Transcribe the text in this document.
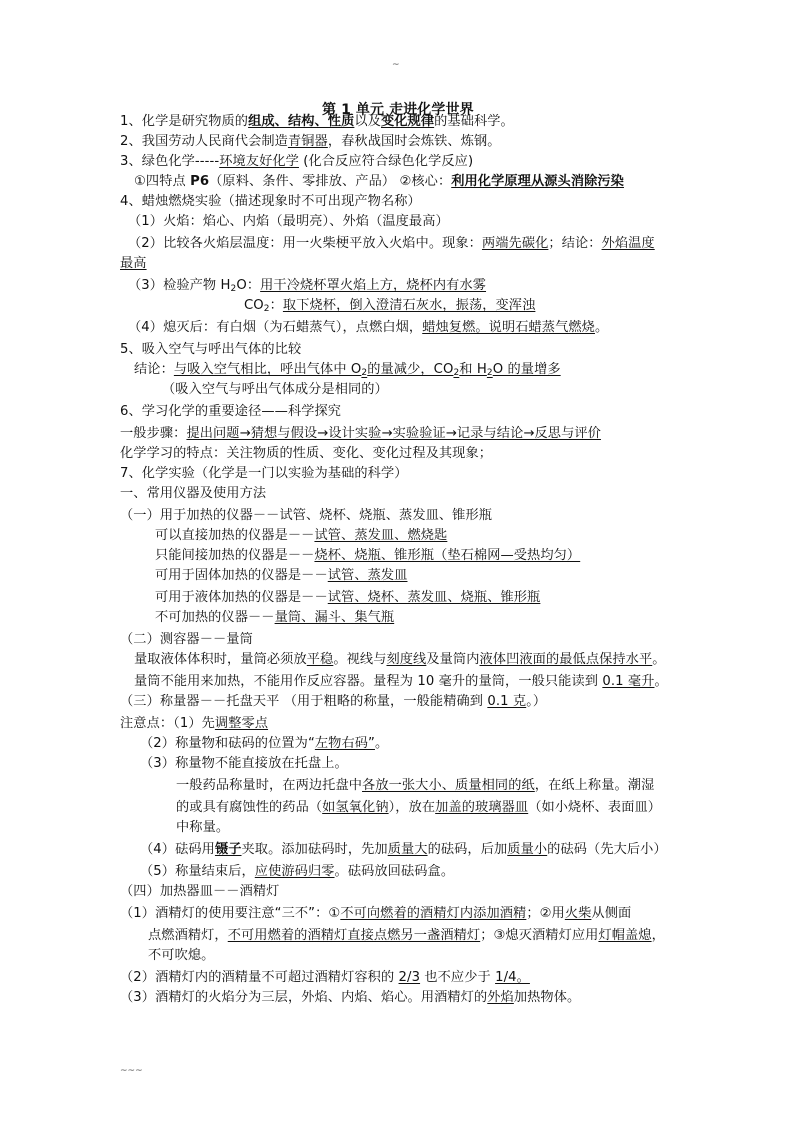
~
第 1 单元 走进化学世界
1、化学是研究物质的组成、结构、性质以及变化规律的基础科学。
2、我国劳动人民商代会制造青铜器，春秋战国时会炼铁、炼钢。
3、绿色化学-----环境友好化学 (化合反应符合绿色化学反应)
①四特点 P6（原料、条件、零排放、产品） ②核心：利用化学原理从源头消除污染
4、蜡烛燃烧实验（描述现象时不可出现产物名称）
（1）火焰：焰心、内焰（最明亮）、外焰（温度最高）
（2）比较各火焰层温度：用一火柴梗平放入火焰中。现象：两端先碳化；结论：外焰温度
最高
（3）检验产物 H2O：用干冷烧杯罩火焰上方，烧杯内有水雾
CO2：取下烧杯，倒入澄清石灰水，振荡，变浑浊
（4）熄灭后：有白烟（为石蜡蒸气），点燃白烟，蜡烛复燃。说明石蜡蒸气燃烧。
5、吸入空气与呼出气体的比较
结论：与吸入空气相比，呼出气体中 O2的量减少，CO2和 H2O 的量增多
（吸入空气与呼出气体成分是相同的）
6、学习化学的重要途径——科学探究
一般步骤：提出问题→猜想与假设→设计实验→实验验证→记录与结论→反思与评价
化学学习的特点：关注物质的性质、变化、变化过程及其现象；
7、化学实验（化学是一门以实验为基础的科学）
一、常用仪器及使用方法
（一）用于加热的仪器－－试管、烧杯、烧瓶、蒸发皿、锥形瓶
可以直接加热的仪器是－－试管、蒸发皿、燃烧匙
只能间接加热的仪器是－－烧杯、烧瓶、锥形瓶（垫石棉网—受热均匀）
可用于固体加热的仪器是－－试管、蒸发皿
可用于液体加热的仪器是－－试管、烧杯、蒸发皿、烧瓶、锥形瓶
不可加热的仪器－－量筒、漏斗、集气瓶
（二）测容器－－量筒
量取液体体积时，量筒必须放平稳。视线与刻度线及量筒内液体凹液面的最低点保持水平。
量筒不能用来加热，不能用作反应容器。量程为 10 毫升的量筒，一般只能读到 0.1 毫升。
（三）称量器－－托盘天平 （用于粗略的称量，一般能精确到 0.1 克。）
注意点：（1）先调整零点
（2）称量物和砝码的位置为“左物右码”。
（3）称量物不能直接放在托盘上。
一般药品称量时，在两边托盘中各放一张大小、质量相同的纸，在纸上称量。潮湿
的或具有腐蚀性的药品（如氢氧化钠），放在加盖的玻璃器皿（如小烧杯、表面皿）
中称量。
（4）砝码用镊子夹取。添加砝码时，先加质量大的砝码，后加质量小的砝码（先大后小）
（5）称量结束后，应使游码归零。砝码放回砝码盒。
（四）加热器皿－－酒精灯
（1）酒精灯的使用要注意“三不”：①不可向燃着的酒精灯内添加酒精；②用火柴从侧面
点燃酒精灯，不可用燃着的酒精灯直接点燃另一盏酒精灯；③熄灭酒精灯应用灯帽盖熄，
不可吹熄。
（2）酒精灯内的酒精量不可超过酒精灯容积的 2/3 也不应少于 1/4。
（3）酒精灯的火焰分为三层，外焰、内焰、焰心。用酒精灯的外焰加热物体。
~~~
